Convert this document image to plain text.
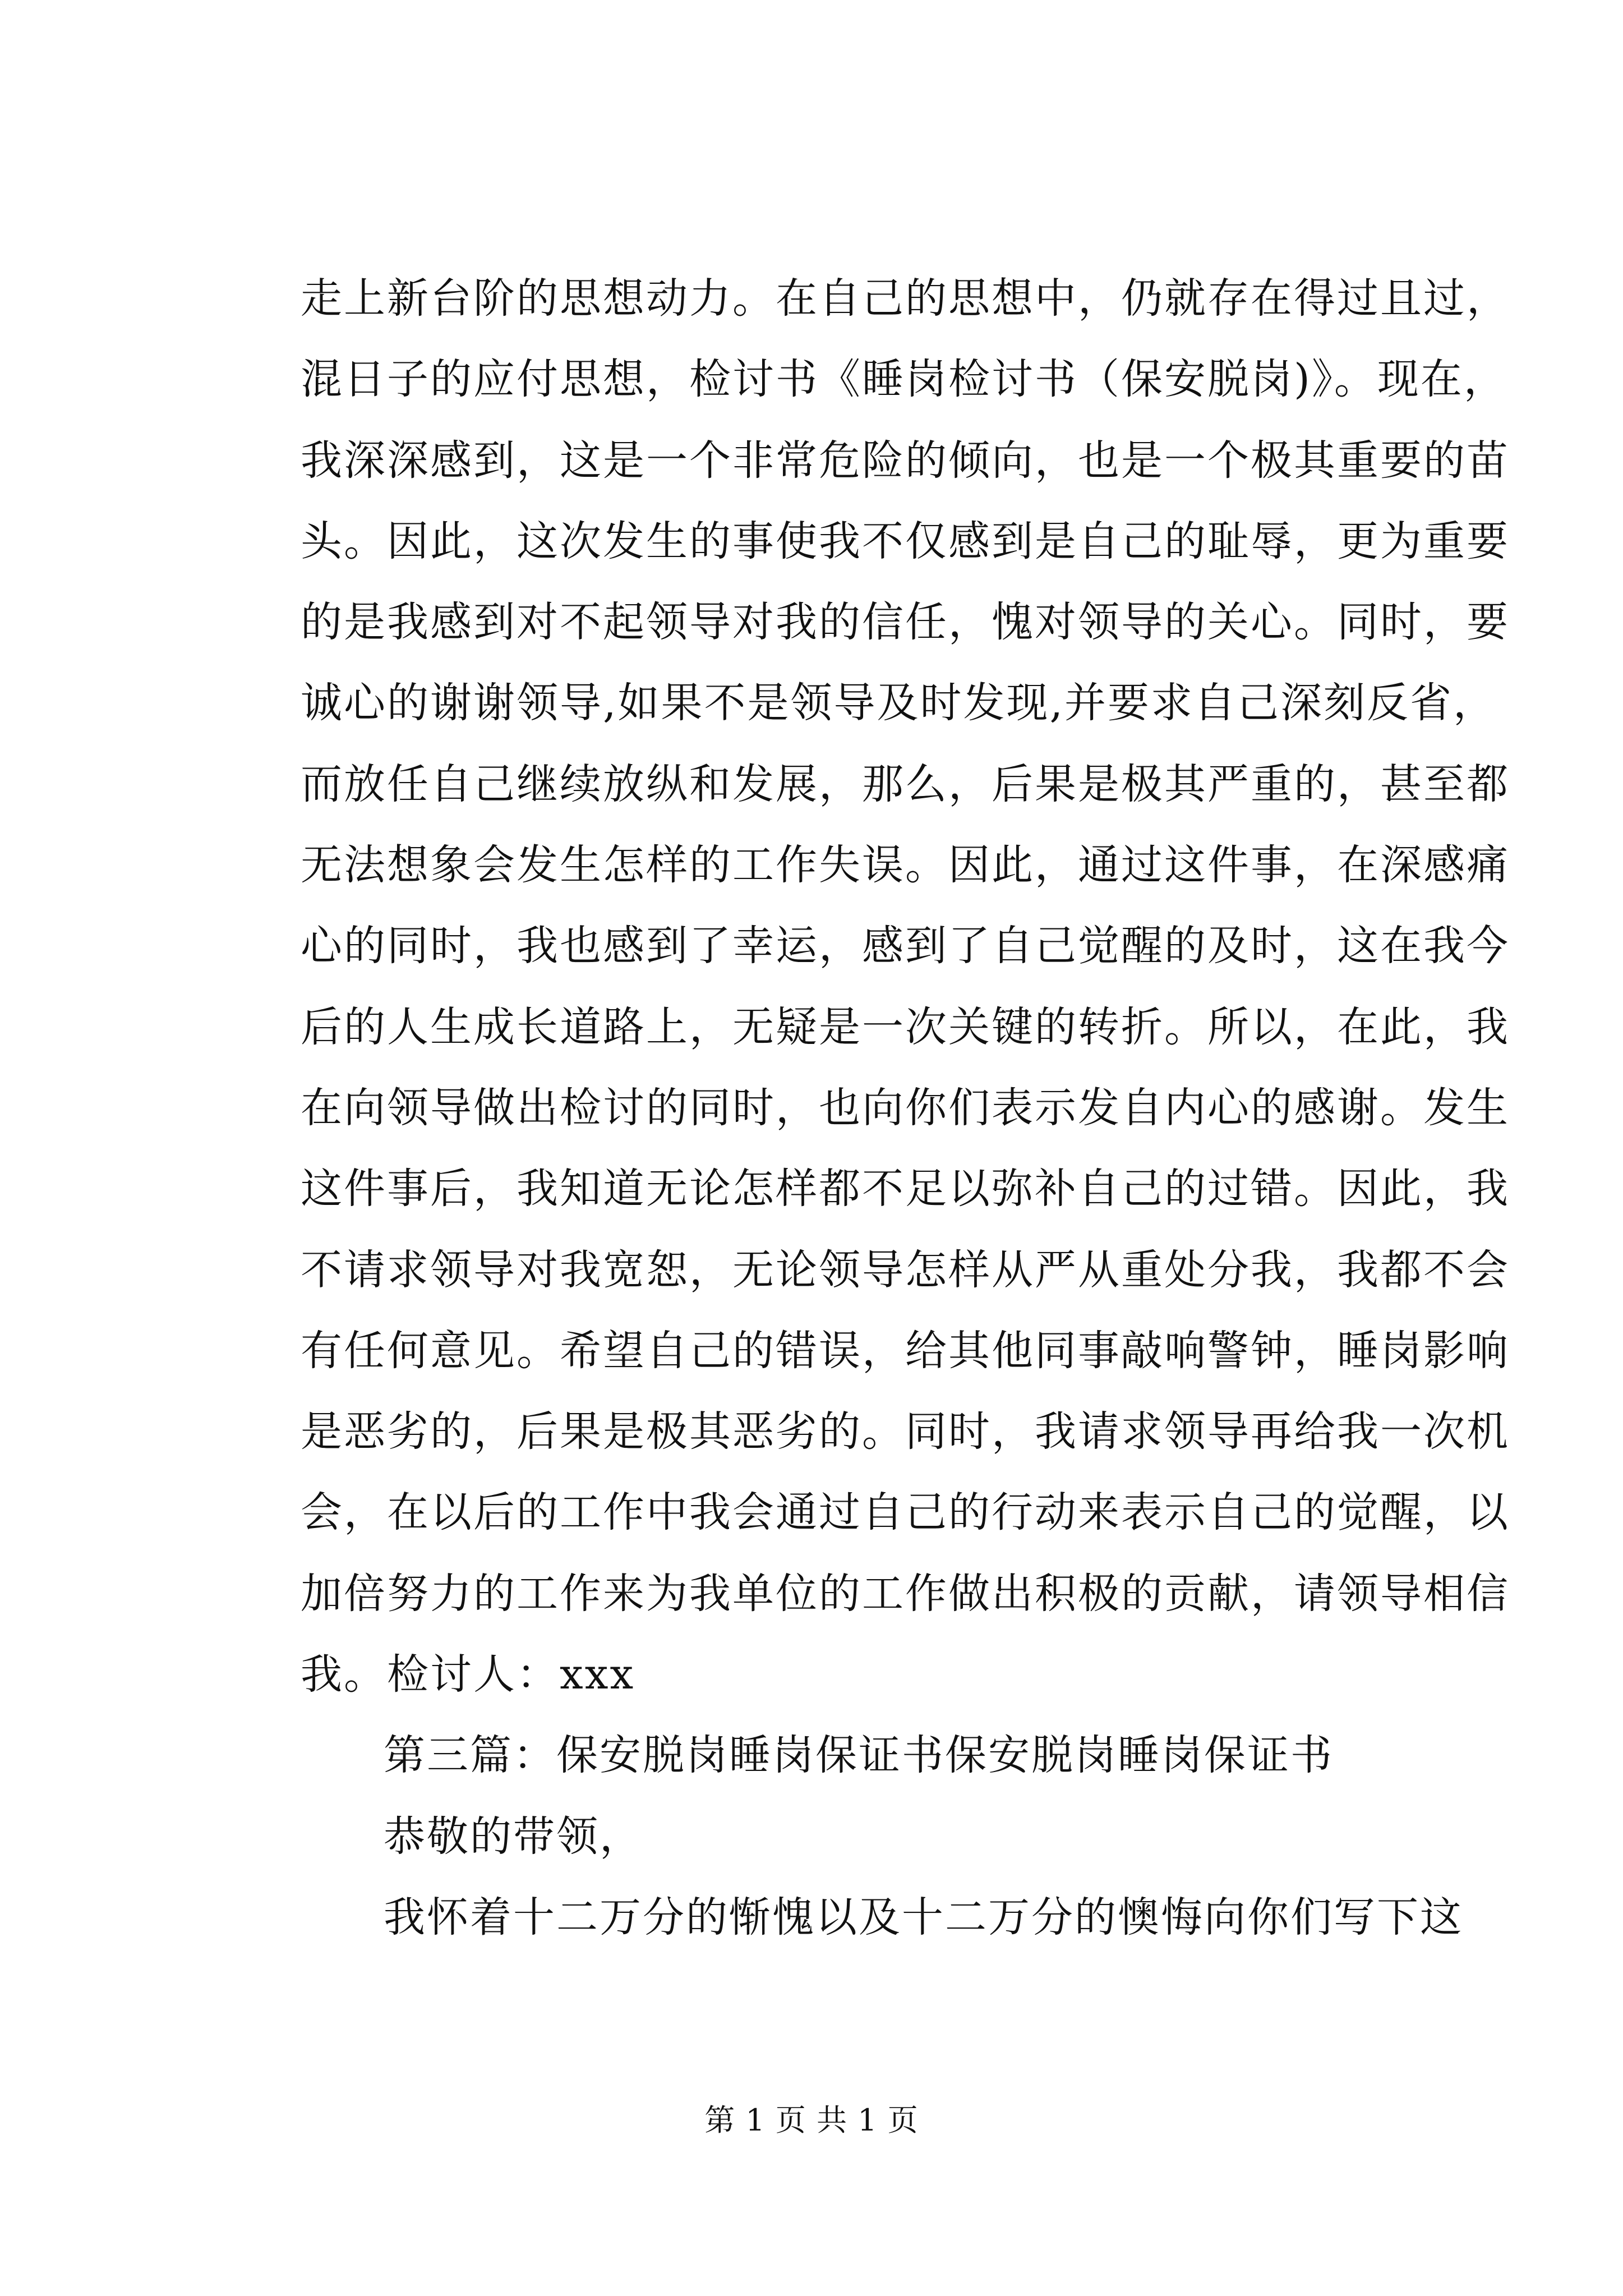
走上新台阶的思想动力。在自己的思想中，仍就存在得过且过，
混日子的应付思想，检讨书《睡岗检讨书（保安脱岗)》。现在，
我深深感到，这是一个非常危险的倾向，也是一个极其重要的苗
头。因此，这次发生的事使我不仅感到是自己的耻辱，更为重要
的是我感到对不起领导对我的信任，愧对领导的关心。同时，要
诚心的谢谢领导,如果不是领导及时发现,并要求自己深刻反省，
而放任自己继续放纵和发展，那么，后果是极其严重的，甚至都
无法想象会发生怎样的工作失误。因此，通过这件事，在深感痛
心的同时，我也感到了幸运，感到了自己觉醒的及时，这在我今
后的人生成长道路上，无疑是一次关键的转折。所以，在此，我
在向领导做出检讨的同时，也向你们表示发自内心的感谢。发生
这件事后，我知道无论怎样都不足以弥补自己的过错。因此，我
不请求领导对我宽恕，无论领导怎样从严从重处分我，我都不会
有任何意见。希望自己的错误，给其他同事敲响警钟，睡岗影响
是恶劣的，后果是极其恶劣的。同时，我请求领导再给我一次机
会，在以后的工作中我会通过自己的行动来表示自己的觉醒，以
加倍努力的工作来为我单位的工作做出积极的贡献，请领导相信
我。检讨人：xxx
第三篇：保安脱岗睡岗保证书保安脱岗睡岗保证书
恭敬的带领，
我怀着十二万分的惭愧以及十二万分的懊悔向你们写下这
第 1 页 共 1 页
